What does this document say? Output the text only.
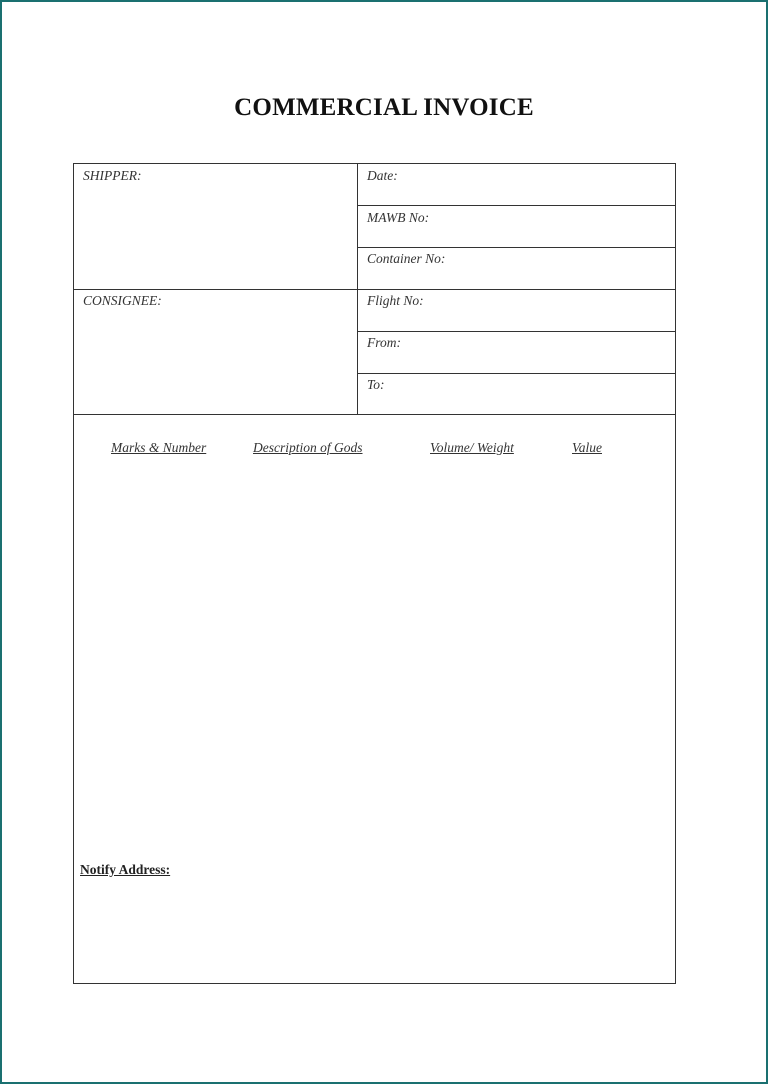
COMMERCIAL INVOICE
SHIPPER:
CONSIGNEE:
Date:
MAWB No:
Container No:
Flight No:
From:
To:
Marks & Number	Description of Gods	Volume/ Weight	Value
Notify Address:
